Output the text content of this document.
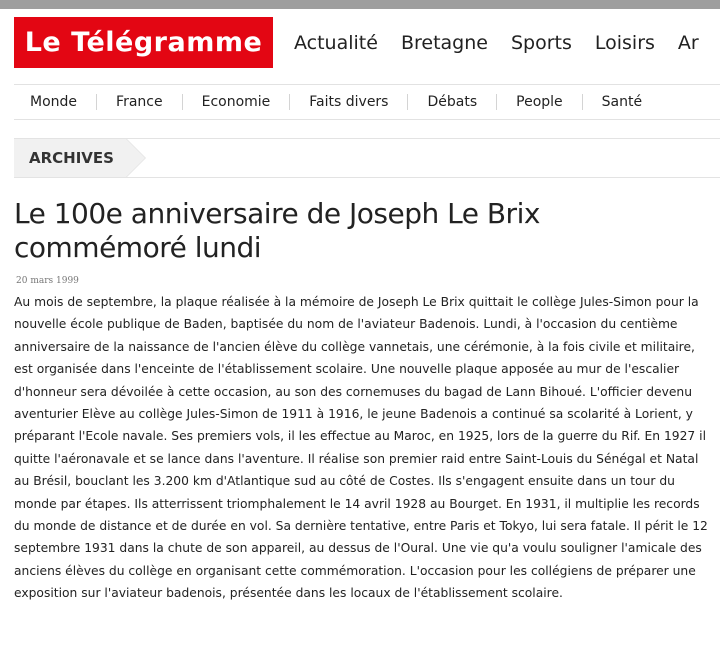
Le Télégramme	Actualité Bretagne Sports Loisirs Ar
Monde	France	Economie	Faits divers	Débats	People	Santé
ARCHIVES
Le 100e anniversaire de Joseph Le Brix commémoré lundi
20 mars 1999

Au mois de septembre, la plaque réalisée à la mémoire de Joseph Le Brix quittait le collège Jules-Simon pour la nouvelle école publique de Baden, baptisée du nom de l'aviateur Badenois. Lundi, à l'occasion du centième anniversaire de la naissance de l'ancien élève du collège vannetais, une cérémonie, à la fois civile et militaire, est organisée dans l'enceinte de l'établissement scolaire. Une nouvelle plaque apposée au mur de l'escalier d'honneur sera dévoilée à cette occasion, au son des cornemuses du bagad de Lann Bihoué. L'officier devenu aventurier Elève au collège Jules-Simon de 1911 à 1916, le jeune Badenois a continué sa scolarité à Lorient, y préparant l'Ecole navale. Ses premiers vols, il les effectue au Maroc, en 1925, lors de la guerre du Rif. En 1927 il quitte l'aéronavale et se lance dans l'aventure. Il réalise son premier raid entre Saint-Louis du Sénégal et Natal au Brésil, bouclant les 3.200 km d'Atlantique sud au côté de Costes. Ils s'engagent ensuite dans un tour du monde par étapes. Ils atterrissent triomphalement le 14 avril 1928 au Bourget. En 1931, il multiplie les records du monde de distance et de durée en vol. Sa dernière tentative, entre Paris et Tokyo, lui sera fatale. Il périt le 12 septembre 1931 dans la chute de son appareil, au dessus de l'Oural. Une vie qu'a voulu souligner l'amicale des anciens élèves du collège en organisant cette commémoration. L'occasion pour les collégiens de préparer une exposition sur l'aviateur badenois, présentée dans les locaux de l'établissement scolaire.
